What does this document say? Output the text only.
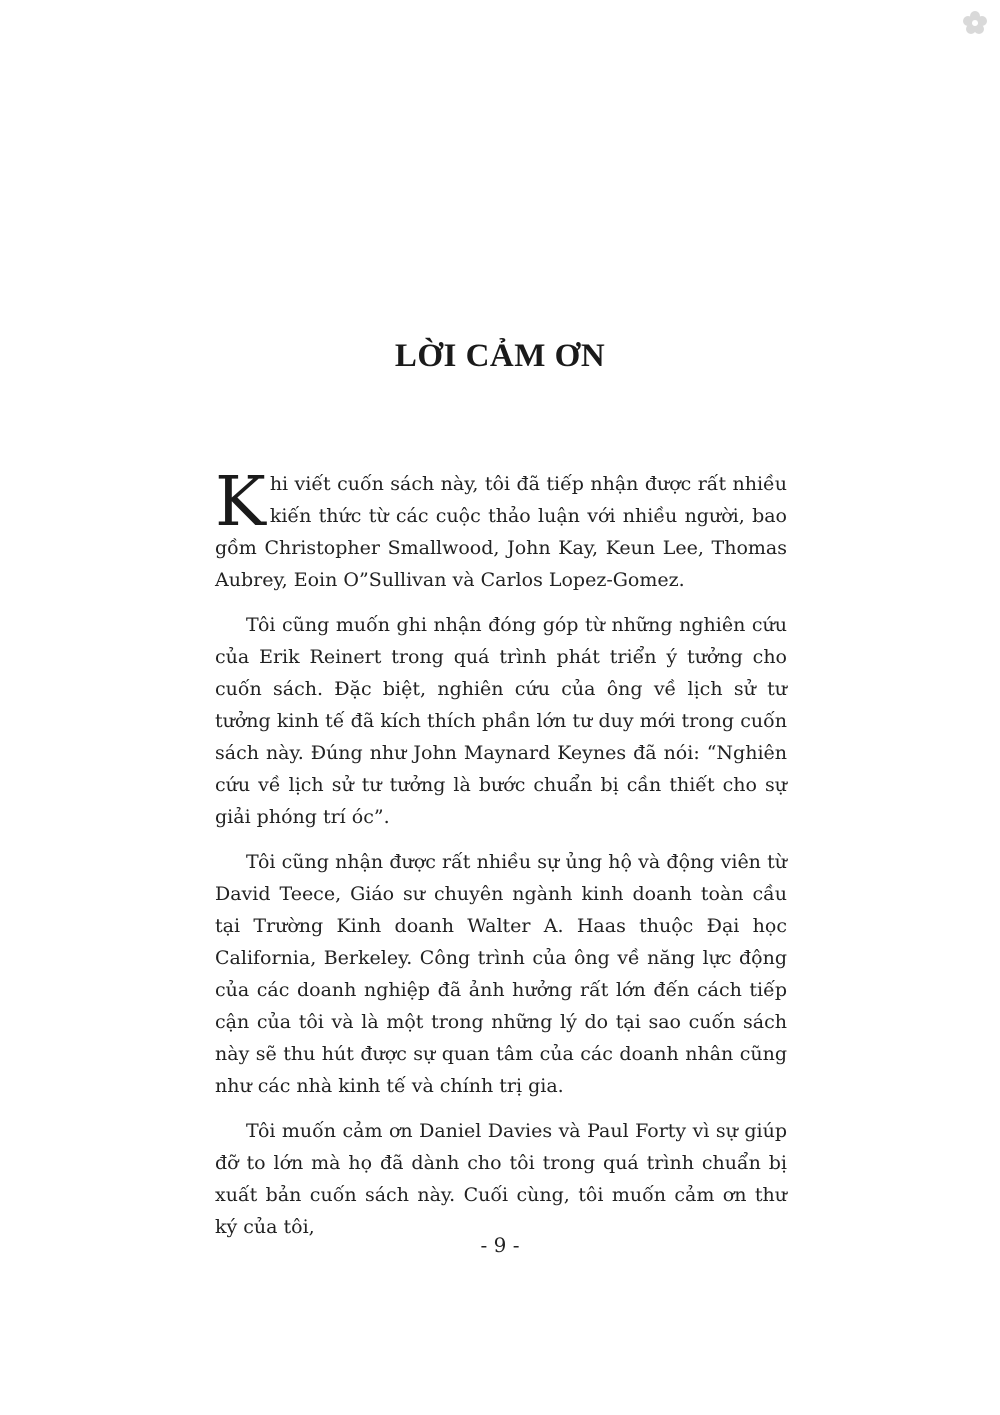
LỜI CẢM ƠN

Khi viết cuốn sách này, tôi đã tiếp nhận được rất nhiều kiến thức từ các cuộc thảo luận với nhiều người, bao gồm Christopher Smallwood, John Kay, Keun Lee, Thomas Aubrey, Eoin O”Sullivan và Carlos Lopez-Gomez.

Tôi cũng muốn ghi nhận đóng góp từ những nghiên cứu của Erik Reinert trong quá trình phát triển ý tưởng cho cuốn sách. Đặc biệt, nghiên cứu của ông về lịch sử tư tưởng kinh tế đã kích thích phần lớn tư duy mới trong cuốn sách này. Đúng như John Maynard Keynes đã nói: “Nghiên cứu về lịch sử tư tưởng là bước chuẩn bị cần thiết cho sự giải phóng trí óc”.

Tôi cũng nhận được rất nhiều sự ủng hộ và động viên từ David Teece, Giáo sư chuyên ngành kinh doanh toàn cầu tại Trường Kinh doanh Walter A. Haas thuộc Đại học California, Berkeley. Công trình của ông về năng lực động của các doanh nghiệp đã ảnh hưởng rất lớn đến cách tiếp cận của tôi và là một trong những lý do tại sao cuốn sách này sẽ thu hút được sự quan tâm của các doanh nhân cũng như các nhà kinh tế và chính trị gia.

Tôi muốn cảm ơn Daniel Davies và Paul Forty vì sự giúp đỡ to lớn mà họ đã dành cho tôi trong quá trình chuẩn bị xuất bản cuốn sách này. Cuối cùng, tôi muốn cảm ơn thư ký của tôi,

- 9 -
